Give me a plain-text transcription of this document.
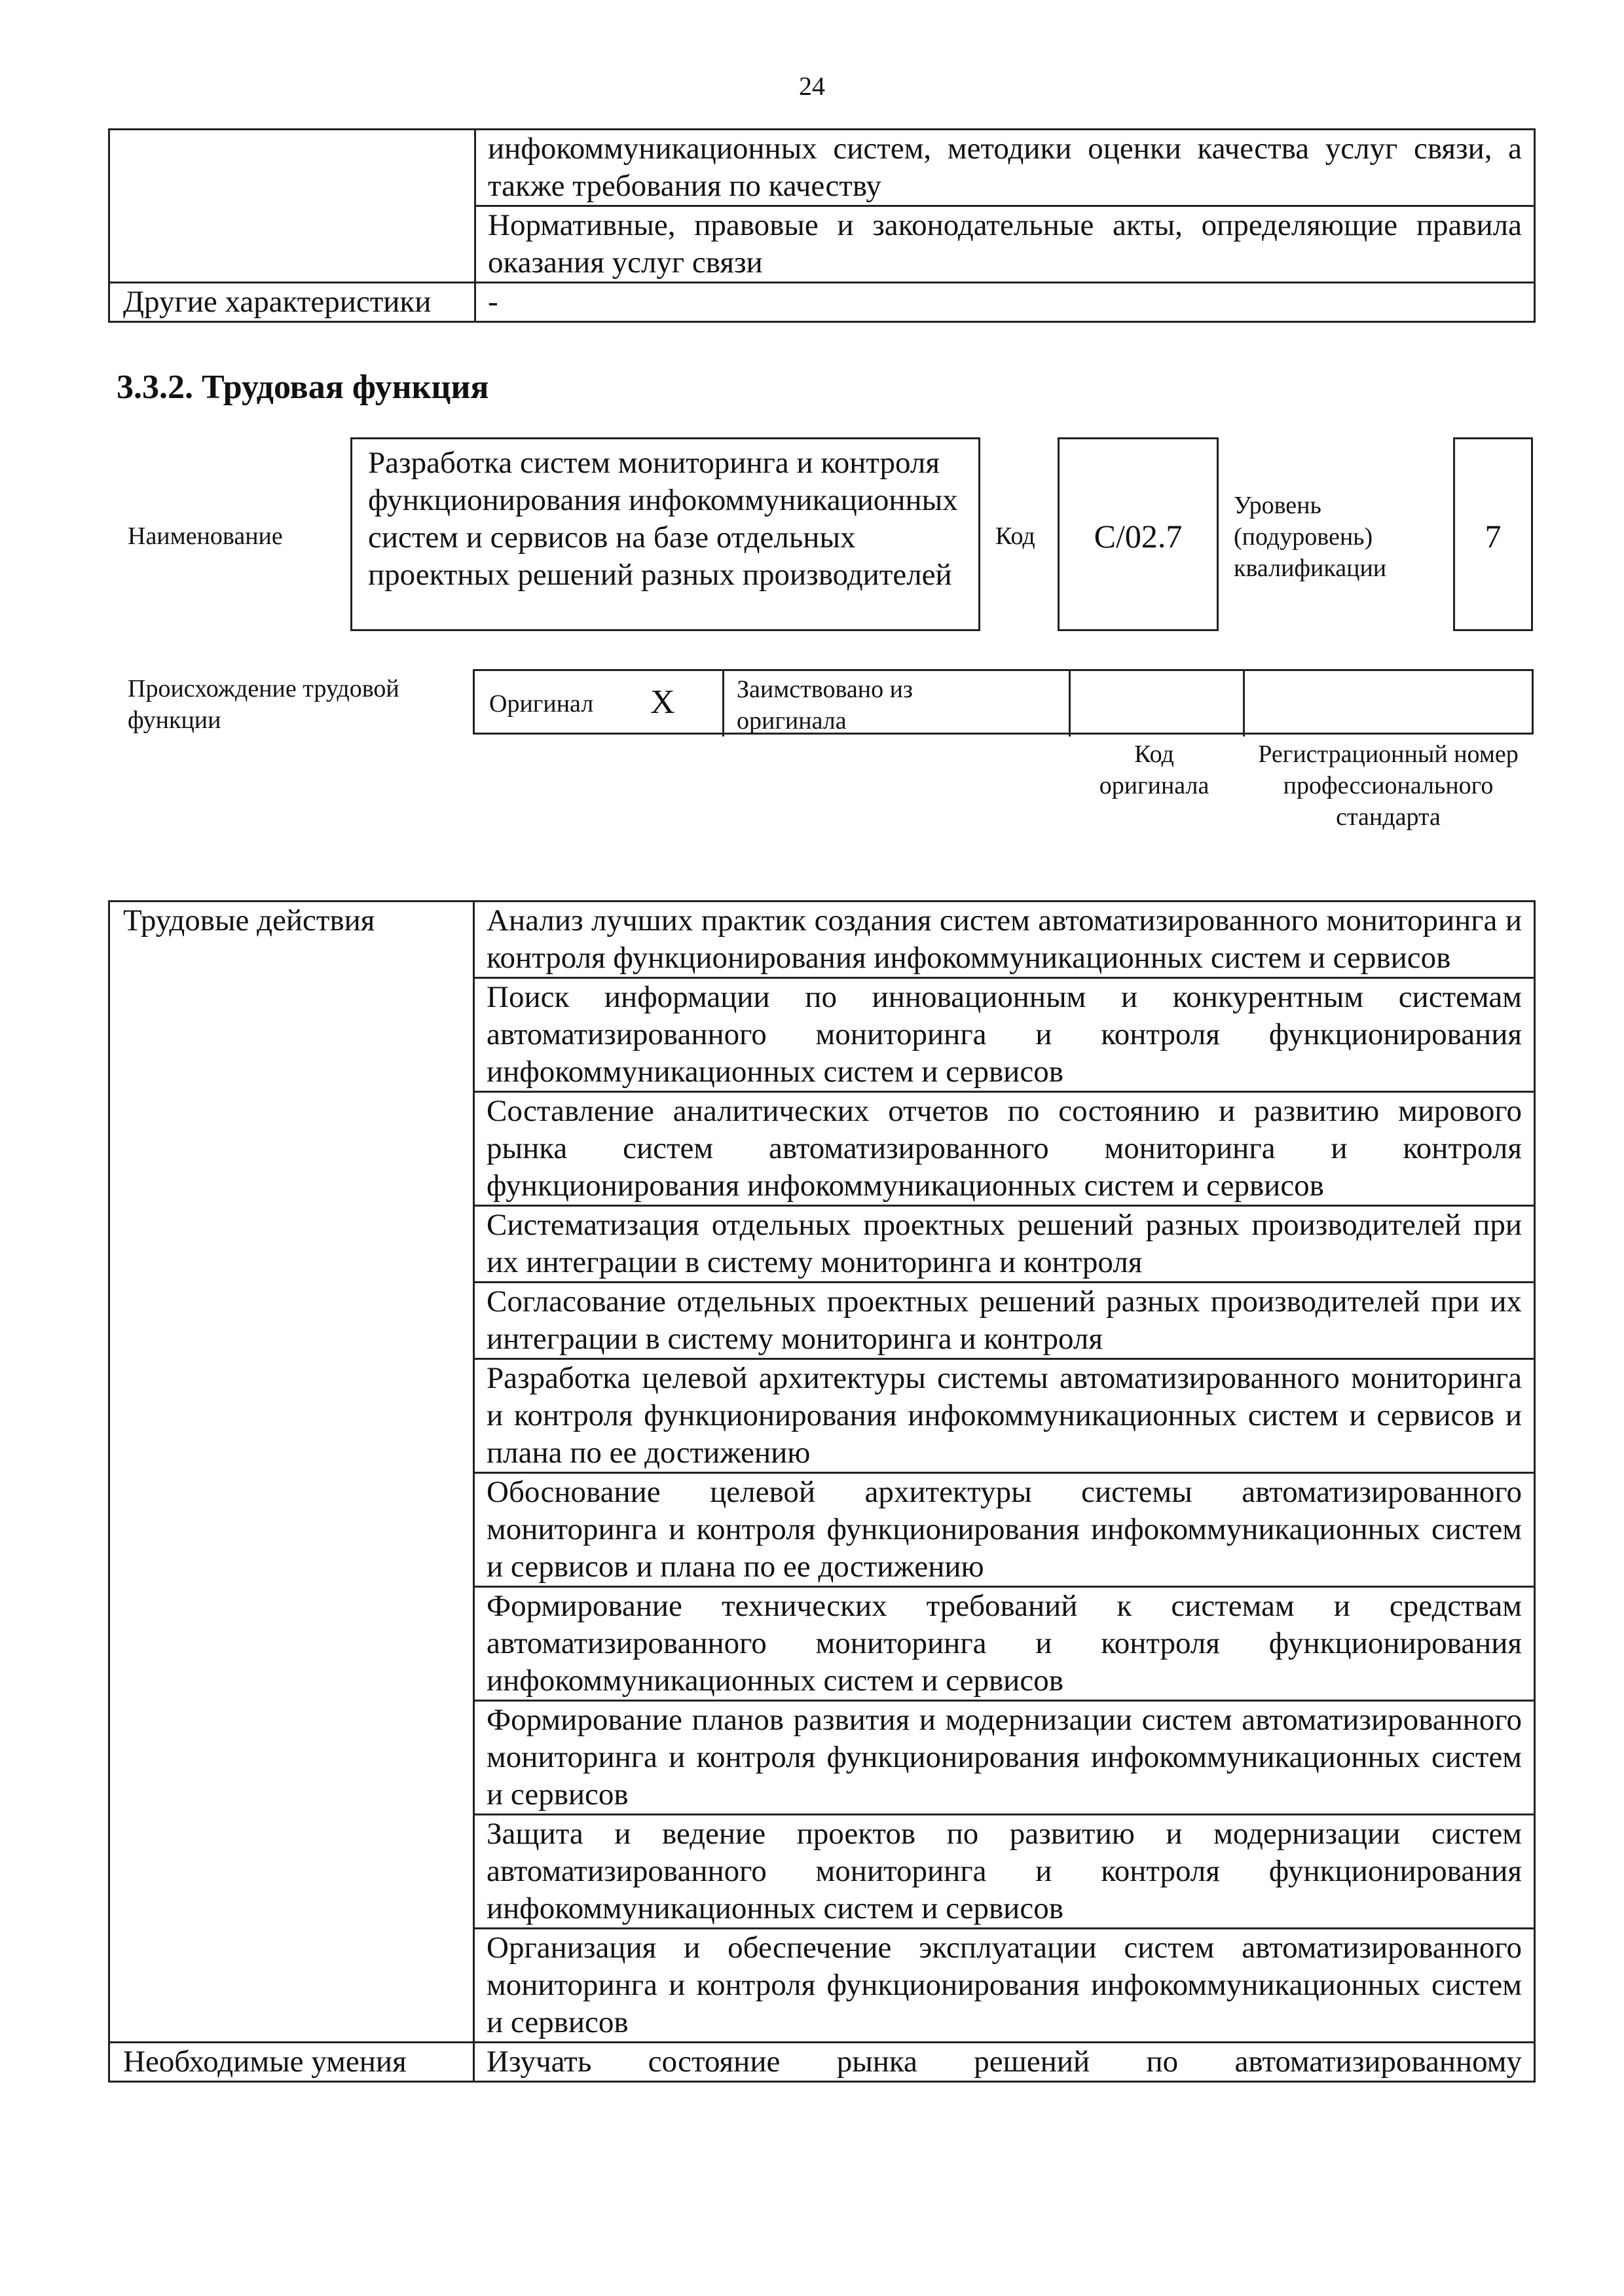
24
	инфокоммуникационных систем, методики оценки качества услуг связи, а также требования по качеству
	Нормативные, правовые и законодательные акты, определяющие правила оказания услуг связи
Другие характеристики	-
3.3.2. Трудовая функция
Наименование
Разработка систем мониторинга и контроля функционирования инфокоммуникационных систем и сервисов на базе отдельных проектных решений разных производителей
Код	С/02.7
Уровень (подуровень) квалификации
7
Происхождение трудовой функции
Оригинал X Заимствовано из оригинала
Код оригинала
Регистрационный номер профессионального стандарта
Трудовые действия	Анализ лучших практик создания систем автоматизированного мониторинга и контроля функционирования инфокоммуникационных систем и сервисов
	Поиск информации по инновационным и конкурентным системам автоматизированного мониторинга и контроля функционирования инфокоммуникационных систем и сервисов
	Составление аналитических отчетов по состоянию и развитию мирового рынка систем автоматизированного мониторинга и контроля функционирования инфокоммуникационных систем и сервисов
	Систематизация отдельных проектных решений разных производителей при их интеграции в систему мониторинга и контроля
	Согласование отдельных проектных решений разных производителей при их интеграции в систему мониторинга и контроля
	Разработка целевой архитектуры системы автоматизированного мониторинга и контроля функционирования инфокоммуникационных систем и сервисов и плана по ее достижению
	Обоснование целевой архитектуры системы автоматизированного мониторинга и контроля функционирования инфокоммуникационных систем и сервисов и плана по ее достижению
	Формирование технических требований к системам и средствам автоматизированного мониторинга и контроля функционирования инфокоммуникационных систем и сервисов
	Формирование планов развития и модернизации систем автоматизированного мониторинга и контроля функционирования инфокоммуникационных систем и сервисов
	Защита и ведение проектов по развитию и модернизации систем автоматизированного мониторинга и контроля функционирования инфокоммуникационных систем и сервисов
	Организация и обеспечение эксплуатации систем автоматизированного мониторинга и контроля функционирования инфокоммуникационных систем и сервисов
Необходимые умения	Изучать состояние рынка решений по автоматизированному
